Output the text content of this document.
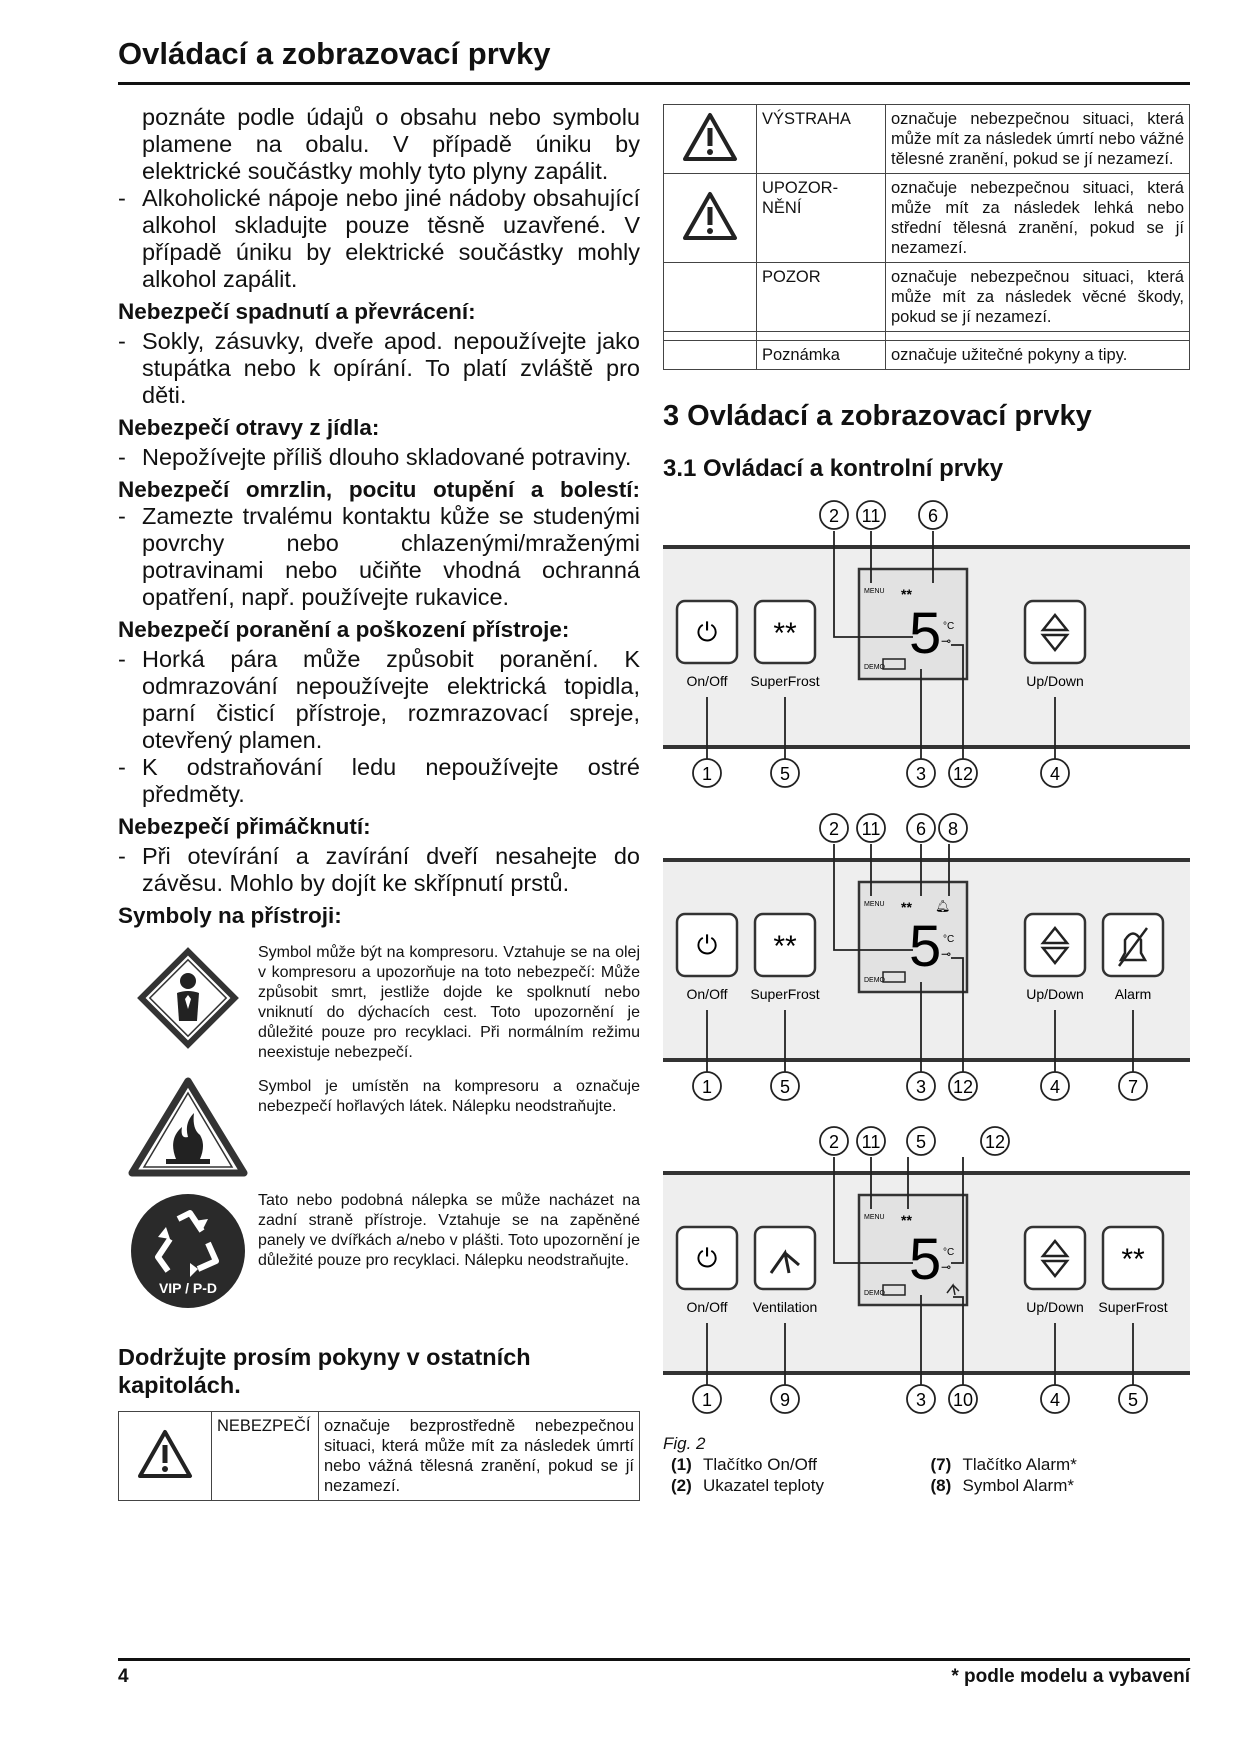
Ovládací a zobrazovací prvky

poznáte podle údajů o obsahu nebo symbolu plamene na obalu. V případě úniku by elektrické součástky mohly tyto plyny zapálit.

- Alkoholické nápoje nebo jiné nádoby obsahující alkohol skladujte pouze těsně uzavřené. V případě úniku by elektrické součástky mohly alkohol zapálit.

Nebezpečí spadnutí a převrácení:

- Sokly, zásuvky, dveře apod. nepoužívejte jako stupátka nebo k opírání. To platí zvláště pro děti.

Nebezpečí otravy z jídla:

- Nepožívejte příliš dlouho skladované potraviny.

Nebezpečí omrzlin, pocitu otupění a bolestí:

- Zamezte trvalému kontaktu kůže se studenými povrchy nebo chlazenými/mraženými potravinami nebo učiňte vhodná ochranná opatření, např. používejte rukavice.

Nebezpečí poranění a poškození přístroje:

- Horká pára může způsobit poranění. K odmrazování nepoužívejte elektrická topidla, parní čisticí přístroje, rozmrazovací spreje, otevřený plamen.

- K odstraňování ledu nepoužívejte ostré předměty.

Nebezpečí přimáčknutí:

- Při otevírání a zavírání dveří nesahejte do závěsu. Mohlo by dojít ke skřípnutí prstů.

Symboly na přístroji:
Symbol může být na kompresoru. Vztahuje se na olej v kompresoru a upozorňuje na toto nebezpečí: Může způsobit smrt, jestliže dojde ke spolknutí nebo vniknutí do dýchacích cest. Toto upozornění je důležité pouze pro recyklaci. Při normálním režimu neexistuje nebezpečí.
Symbol je umístěn na kompresoru a označuje nebezpečí hořlavých látek. Nálepku neodstraňujte.
VIP / P-D
Tato nebo podobná nálepka se může nacházet na zadní straně přístroje. Vztahuje se na zapěněné panely ve dvířkách a/nebo v plášti. Toto upozornění je důležité pouze pro recyklaci. Nálepku neodstraňujte.
Dodržujte prosím pokyny v ostatních kapitolách.
	NEBEZPEČÍ	označuje bezprostředně nebezpečnou situaci, která může mít za následek úmrtí nebo vážná tělesná zranění, pokud se jí nezamezí.
	VÝSTRAHA	označuje nebezpečnou situaci, která může mít za následek úmrtí nebo vážné tělesné zranění, pokud se jí nezamezí.
	UPOZOR-
NĚNÍ	označuje nebezpečnou situaci, která může mít za následek lehká nebo střední tělesná zranění, pokud se jí nezamezí.
	POZOR	označuje nebezpečnou situaci, která může mít za následek věcné škody, pokud se jí nezamezí.

	Poznámka	označuje užitečné pokyny a tipy.
3 Ovládací a zobrazovací prvky
3.1 Ovládací a kontrolní prvky
MENU **
5 °C
⊸
DEMO
⏻
On/Off
**
SuperFrost	Up/Down
2 11	6
1	5	3 12	4

MENU ** 🔔︎
5 °C
⊸
DEMO
⏻
On/Off
**
SuperFrost	Up/Down Alarm
2 11 6 8
1	5	3 12	4	7

MENU **
5 °C
⊸
DEMO
⏻
On/Off Ventilation	Up/Down
**
SuperFrost
2 11 5	12
1	9	3 10	4	5
Fig. 2
(1) Tlačítko On/Off
(2) Ukazatel teploty
(7) Tlačítko Alarm*
(8) Symbol Alarm*
4	* podle modelu a vybavení
